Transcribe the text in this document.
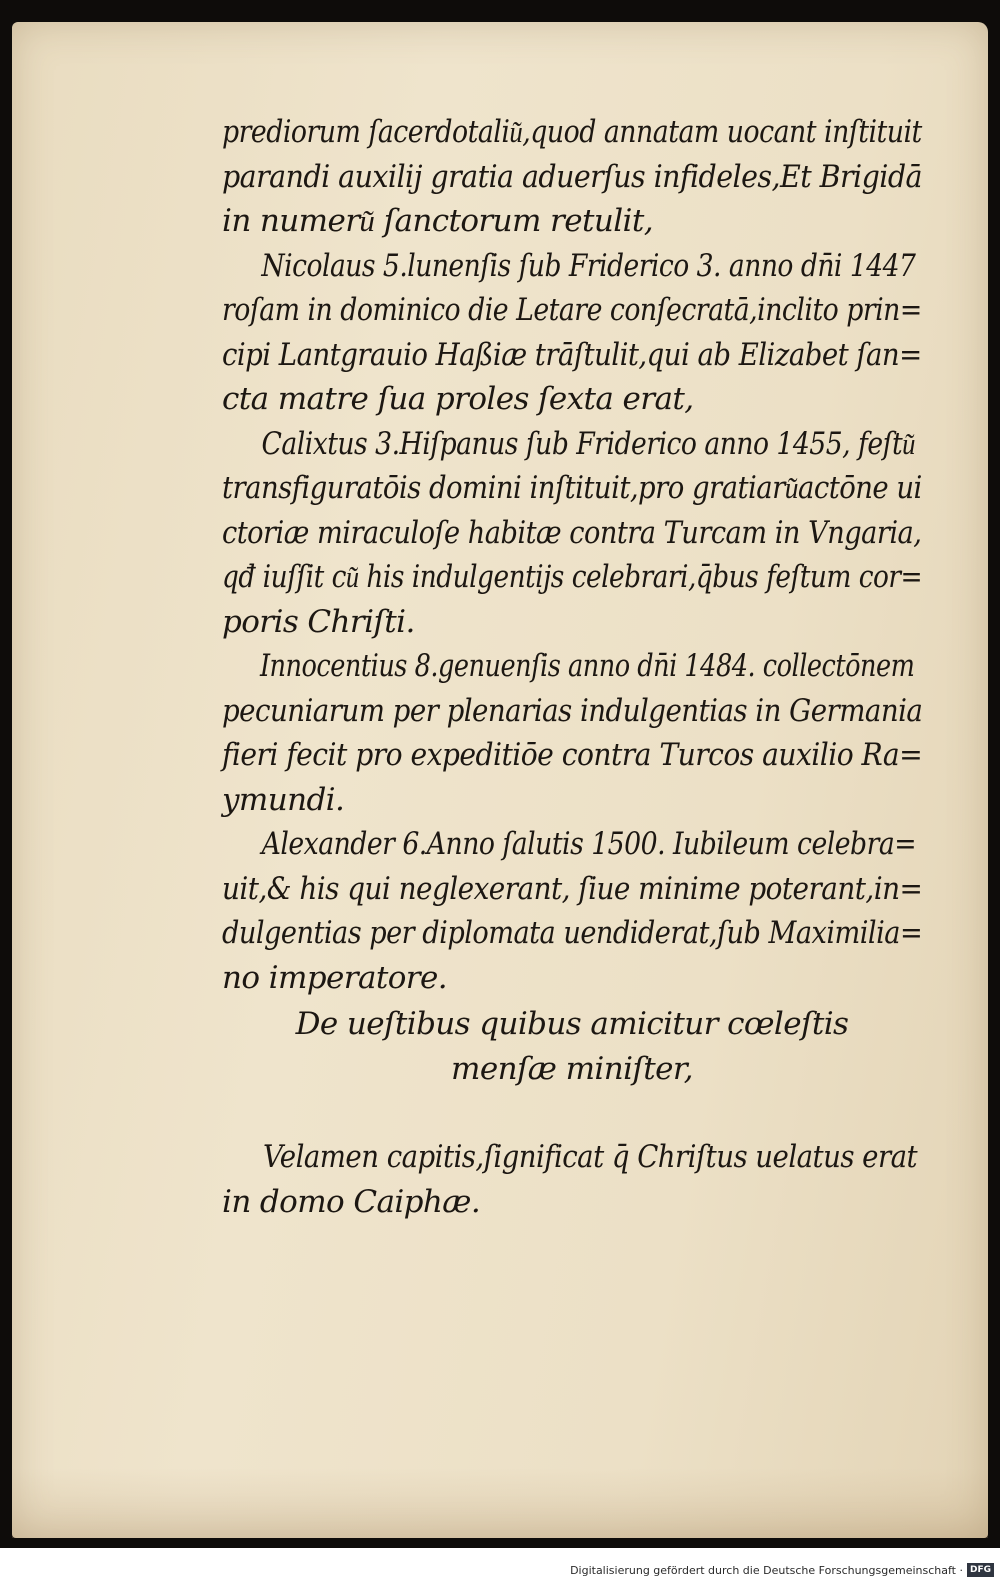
prediorum ſacerdotaliu͂,quod annatam uocant inſtituit
parandi auxilij gratia aduerſus infideles,Et Brigidā
in numeru͂ ſanctorum retulit,
Nicolaus 5.lunenſis ſub Friderico 3. anno dn̄i 1447
roſam in dominico die Letare conſecratā,inclito prin=
cipi Lantgrauio Haßiæ trāſtulit,qui ab Elizabet ſan=
cta matre ſua proles ſexta erat,
Calixtus 3.Hiſpanus ſub Friderico anno 1455, feſtu͂
transfiguratōis domini inſtituit,pro gratiaru͂actōne ui
ctoriæ miraculoſe habitæ contra Turcam in Vngaria,
qđ iuſſit cu͂ his indulgentijs celebrari,q̄bus feſtum cor=
poris Chriſti.
Innocentius 8.genuenſis anno dn̄i 1484. collectōnem
pecuniarum per plenarias indulgentias in Germania
fieri fecit pro expeditiōe contra Turcos auxilio Ra=
ymundi.
Alexander 6.Anno ſalutis 1500. Iubileum celebra=
uit,& his qui neglexerant, ſiue minime poterant,in=
dulgentias per diplomata uendiderat,ſub Maximilia=
no imperatore.
De ueſtibus quibus amicitur cœleſtis
menſæ miniſter,
Velamen capitis,ſignificat q̄ Chriſtus uelatus erat
in domo Caiphæ.
Digitalisierung gefördert durch die Deutsche Forschungsgemeinschaft · DFG
